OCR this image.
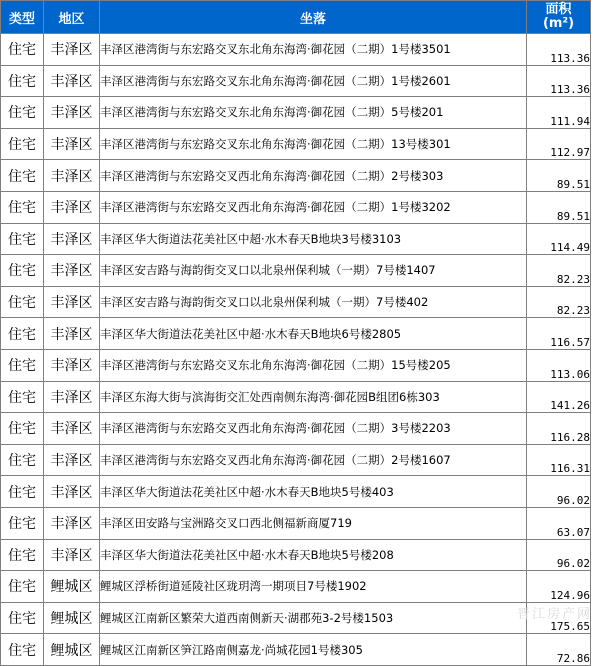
类型	地区	坐落	面积
(m²)
住宅	丰泽区	丰泽区港湾街与东宏路交叉东北角东海湾·御花园（二期）1号楼3501	113.36
住宅	丰泽区	丰泽区港湾街与东宏路交叉东北角东海湾·御花园（二期）1号楼2601	113.36
住宅	丰泽区	丰泽区港湾街与东宏路交叉东北角东海湾·御花园（二期）5号楼201	111.94
住宅	丰泽区	丰泽区港湾街与东宏路交叉东北角东海湾·御花园（二期）13号楼301	112.97
住宅	丰泽区	丰泽区港湾街与东宏路交叉西北角东海湾·御花园（二期）2号楼303	89.51
住宅	丰泽区	丰泽区港湾街与东宏路交叉西北角东海湾·御花园（二期）1号楼3202	89.51
住宅	丰泽区	丰泽区华大街道法花美社区中超·水木春天B地块3号楼3103	114.49
住宅	丰泽区	丰泽区安吉路与海韵街交叉口以北泉州保利城（一期）7号楼1407	82.23
住宅	丰泽区	丰泽区安吉路与海韵街交叉口以北泉州保利城（一期）7号楼402	82.23
住宅	丰泽区	丰泽区华大街道法花美社区中超·水木春天B地块6号楼2805	116.57
住宅	丰泽区	丰泽区港湾街与东宏路交叉东北角东海湾·御花园（二期）15号楼205	113.06
住宅	丰泽区	丰泽区东海大街与滨海街交汇处西南侧东海湾·御花园B组团6栋303	141.26
住宅	丰泽区	丰泽区港湾街与东宏路交叉西北角东海湾·御花园（二期）3号楼2203	116.28
住宅	丰泽区	丰泽区港湾街与东宏路交叉西北角东海湾·御花园（二期）2号楼1607	116.31
住宅	丰泽区	丰泽区华大街道法花美社区中超·水木春天B地块5号楼403	96.02
住宅	丰泽区	丰泽区田安路与宝洲路交叉口西北侧福新商厦719	63.07
住宅	丰泽区	丰泽区华大街道法花美社区中超·水木春天B地块5号楼208	96.02
住宅	鲤城区	鲤城区浮桥街道延陵社区珑玥湾一期项目7号楼1902	124.96
住宅	鲤城区	鲤城区江南新区繁荣大道西南侧新天·湖郡苑3-2号楼1503	175.65
住宅	鲤城区	鲤城区江南新区笋江路南侧嘉龙·尚城花园1号楼305	72.86
晋江房产网
